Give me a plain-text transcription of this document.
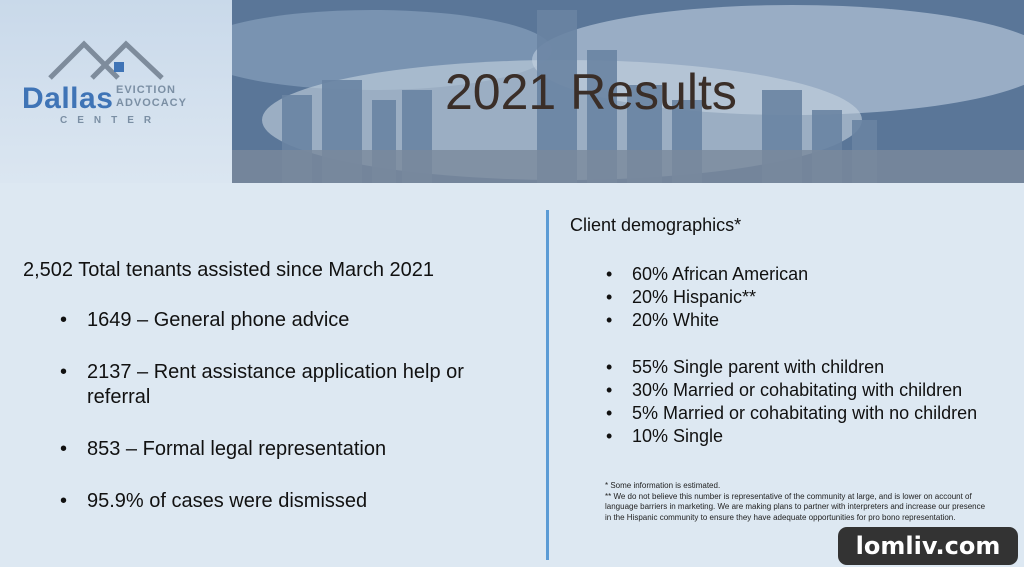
Dallas EVICTION
ADVOCACY
CENTER
2021 Results
2,502 Total tenants assisted since March 2021
• 1649 – General phone advice
• 2137 – Rent assistance application help or referral
• 853 – Formal legal representation
• 95.9% of cases were dismissed
Client demographics*
• 60% African American
• 20% Hispanic**
• 20% White
• 55% Single parent with children
• 30% Married or cohabitating with children
• 5% Married or cohabitating with no children
• 10% Single
* Some information is estimated.
** We do not believe this number is representative of the community at large, and is lower on account of language barriers in marketing. We are making plans to partner with interpreters and increase our presence in the Hispanic community to ensure they have adequate opportunities for pro bono representation.
lomliv.com
